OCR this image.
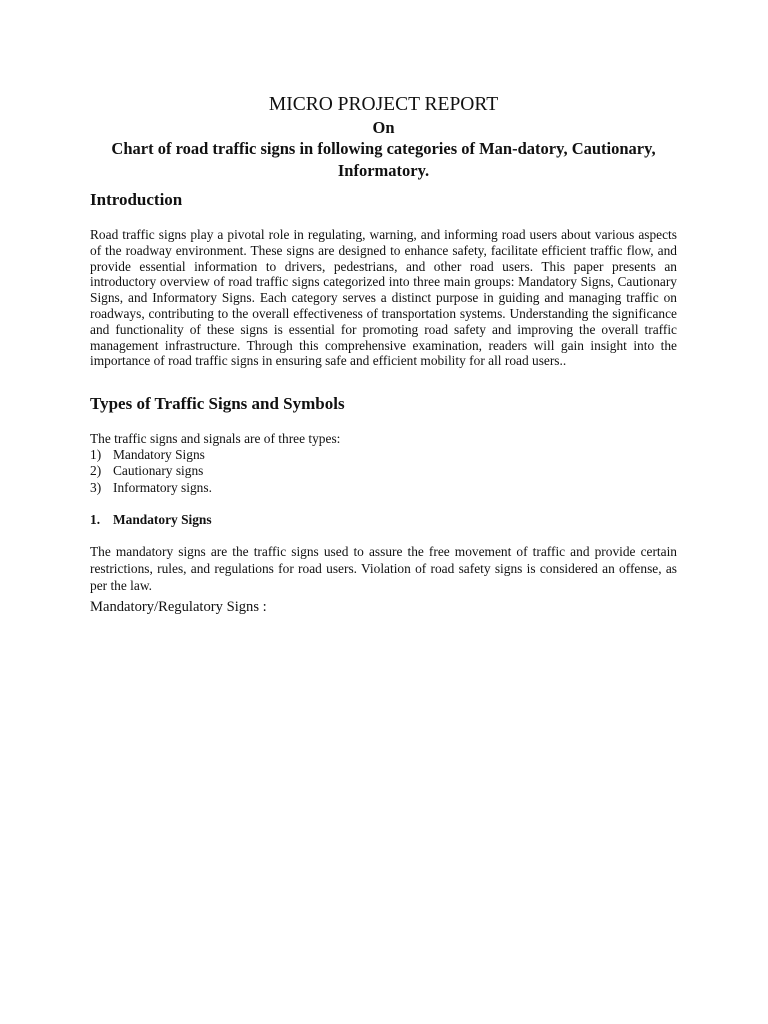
MICRO PROJECT REPORT

On

Chart of road traffic signs in following categories of Man-datory, Cautionary, Informatory.

Introduction

Road traffic signs play a pivotal role in regulating, warning, and informing road users about various aspects of the roadway environment. These signs are designed to enhance safety, facilitate efficient traffic flow, and provide essential information to drivers, pedestrians, and other road users. This paper presents an introductory overview of road traffic signs categorized into three main groups: Mandatory Signs, Cautionary Signs, and Informatory Signs. Each category serves a distinct purpose in guiding and managing traffic on roadways, contributing to the overall effectiveness of transportation systems. Understanding the significance and functionality of these signs is essential for promoting road safety and improving the overall traffic management infrastructure. Through this comprehensive examination, readers will gain insight into the importance of road traffic signs in ensuring safe and efficient mobility for all road users..

Types of Traffic Signs and Symbols

The traffic signs and signals are of three types:

1) Mandatory Signs
2) Cautionary signs
3) Informatory signs.
1. Mandatory Signs

The mandatory signs are the traffic signs used to assure the free movement of traffic and provide certain restrictions, rules, and regulations for road users. Violation of road safety signs is considered an offense, as per the law.

Mandatory/Regulatory Signs :
